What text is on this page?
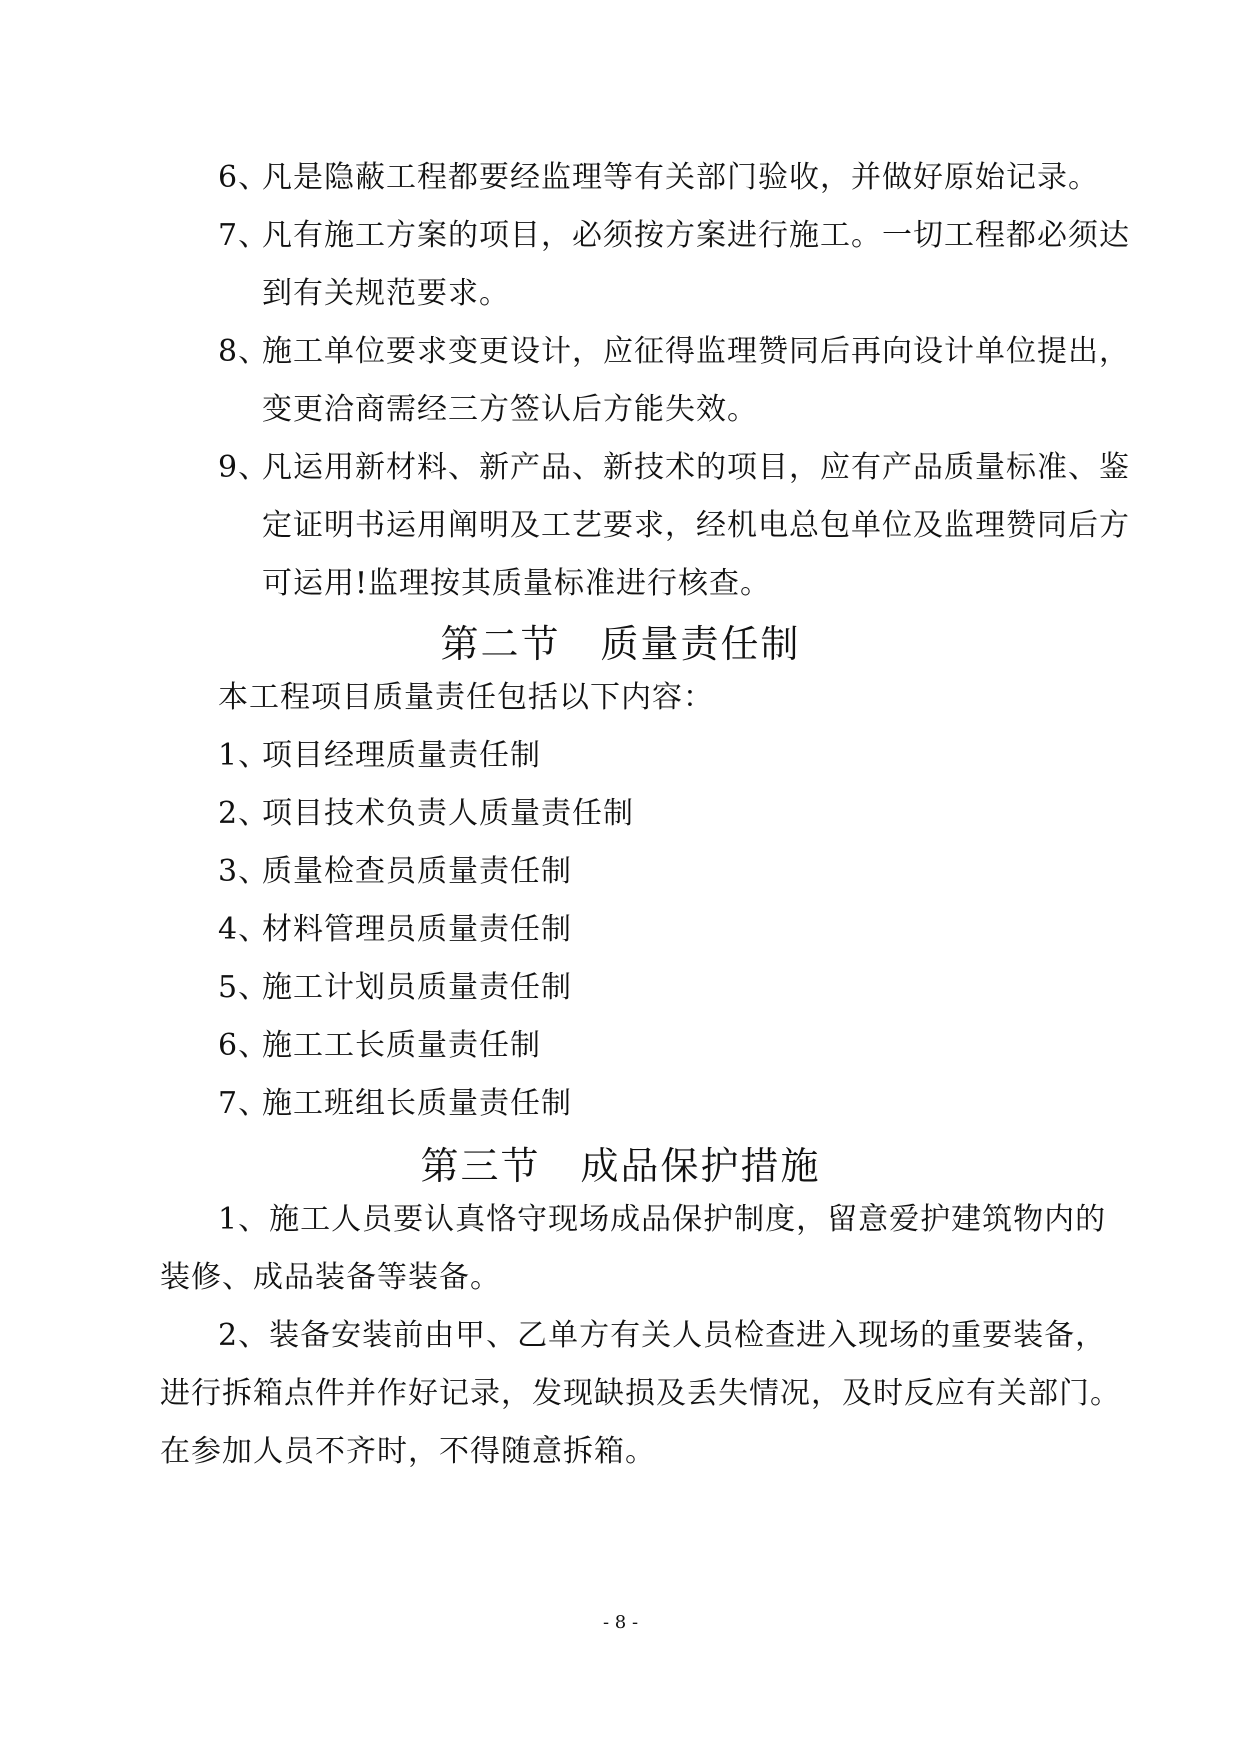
6、
凡是隐蔽工程都要经监理等有关部门验收，并做好原始记录。
7、
凡有施工方案的项目，必须按方案进行施工。一切工程都必须达
到有关规范要求。
8、
施工单位要求变更设计，应征得监理赞同后再向设计单位提出，
变更洽商需经三方签认后方能失效。
9、
凡运用新材料、新产品、新技术的项目，应有产品质量标准、鉴
定证明书运用阐明及工艺要求，经机电总包单位及监理赞同后方
可运用!监理按其质量标准进行核查。
第二节　质量责任制
本工程项目质量责任包括以下内容：
1、
项目经理质量责任制
2、
项目技术负责人质量责任制
3、
质量检查员质量责任制
4、
材料管理员质量责任制
5、
施工计划员质量责任制
6、
施工工长质量责任制
7、
施工班组长质量责任制
第三节　成品保护措施
1、施工人员要认真恪守现场成品保护制度，留意爱护建筑物内的
装修、成品装备等装备。
2、装备安装前由甲、乙单方有关人员检查进入现场的重要装备，
进行拆箱点件并作好记录，发现缺损及丢失情况，及时反应有关部门。
在参加人员不齐时，不得随意拆箱。
- 8 -
